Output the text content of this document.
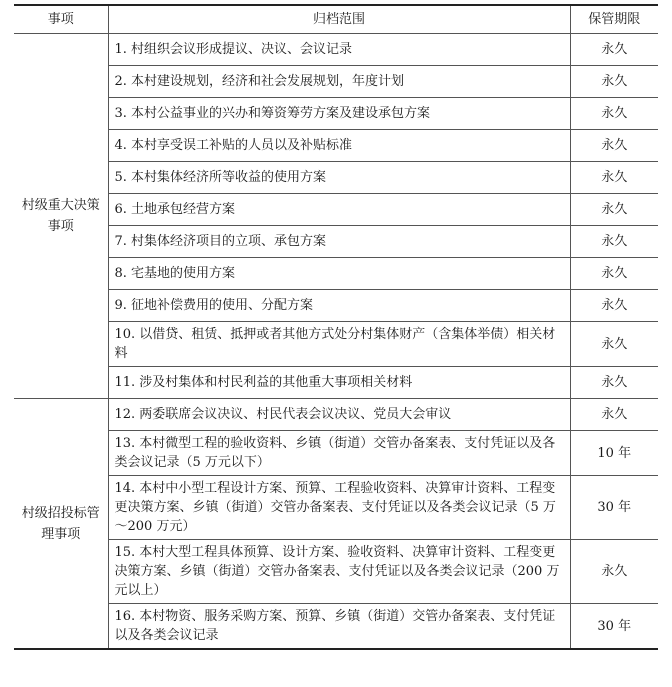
事项	归档范围	保管期限
村级重大决策事项	1. 村组织会议形成提议、决议、会议记录	永久
	2. 本村建设规划，经济和社会发展规划，年度计划	永久
	3. 本村公益事业的兴办和筹资筹劳方案及建设承包方案	永久
	4. 本村享受误工补贴的人员以及补贴标准	永久
	5. 本村集体经济所等收益的使用方案	永久
	6. 土地承包经营方案	永久
	7. 村集体经济项目的立项、承包方案	永久
	8. 宅基地的使用方案	永久
	9. 征地补偿费用的使用、分配方案	永久
	10. 以借贷、租赁、抵押或者其他方式处分村集体财产（含集体举债）相关材料	永久
	11. 涉及村集体和村民利益的其他重大事项相关材料	永久
村级招投标管理事项	12. 两委联席会议决议、村民代表会议决议、党员大会审议	永久
	13. 本村微型工程的验收资料、乡镇（街道）交管办备案表、支付凭证以及各类会议记录（5 万元以下）	10 年
	14. 本村中小型工程设计方案、预算、工程验收资料、决算审计资料、工程变更决策方案、乡镇（街道）交管办备案表、支付凭证以及各类会议记录（5 万～200 万元）	30 年
	15. 本村大型工程具体预算、设计方案、验收资料、决算审计资料、工程变更决策方案、乡镇（街道）交管办备案表、支付凭证以及各类会议记录（200 万元以上）	永久
	16. 本村物资、服务采购方案、预算、乡镇（街道）交管办备案表、支付凭证以及各类会议记录	30 年
